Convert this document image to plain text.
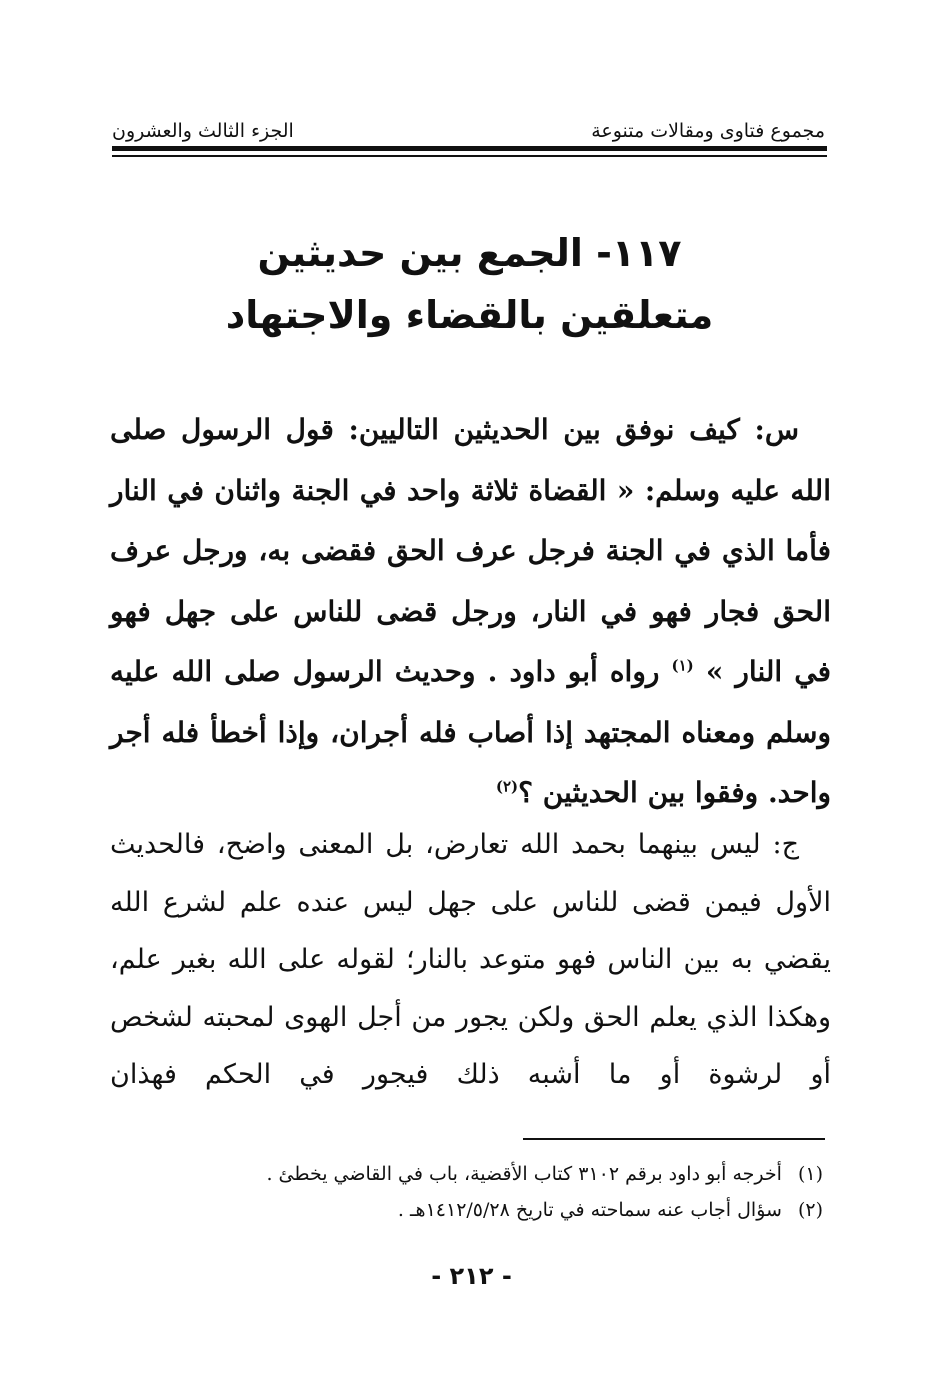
مجموع فتاوى ومقالات متنوعة
الجزء الثالث والعشرون
١١٧- الجمع بين حديثين
متعلقين بالقضاء والاجتهاد
س: كيف نوفق بين الحديثين التاليين: قول الرسول صلى الله عليه وسلم: « القضاة ثلاثة واحد في الجنة واثنان في النار فأما الذي في الجنة فرجل عرف الحق فقضى به، ورجل عرف الحق فجار فهو في النار، ورجل قضى للناس على جهل فهو في النار » $^{(١)}$ رواه أبو داود . وحديث الرسول صلى الله عليه وسلم ومعناه المجتهد إذا أصاب فله أجران، وإذا أخطأ فله أجر واحد. وفقوا بين الحديثين ؟$^{(٢)}$
ج: ليس بينهما بحمد الله تعارض، بل المعنى واضح، فالحديث الأول فيمن قضى للناس على جهل ليس عنده علم لشرع الله يقضي به بين الناس فهو متوعد بالنار؛ لقوله على الله بغير علم، وهكذا الذي يعلم الحق ولكن يجور من أجل الهوى لمحبته لشخص أو لرشوة أو ما أشبه ذلك فيجور في الحكم فهذان
(١)
أخرجه أبو داود برقم ٣١٠٢ كتاب الأقضية، باب في القاضي يخطئ .
(٢)
سؤال أجاب عنه سماحته في تاريخ ١٤١٢/٥/٢٨هـ .
- ٢١٢ -
